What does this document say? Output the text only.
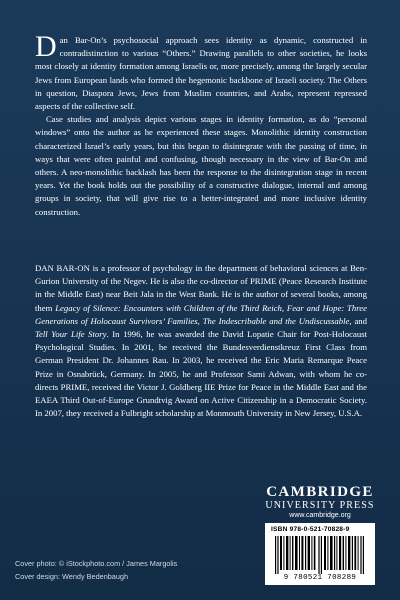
Dan Bar-On’s psychosocial approach sees identity as dynamic, constructed in contradistinction to various “Others.” Drawing parallels to other societies, he looks most closely at identity formation among Israelis or, more precisely, among the largely secular Jews from European lands who formed the hegemonic backbone of Israeli society. The Others in question, Diaspora Jews, Jews from Muslim countries, and Arabs, represent repressed aspects of the collective self.

Case studies and analysis depict various stages in identity formation, as do “personal windows” onto the author as he experienced these stages. Monolithic identity construction characterized Israel’s early years, but this began to disintegrate with the passing of time, in ways that were often painful and confusing, though necessary in the view of Bar-On and others. A neo-monolithic backlash has been the response to the disintegration stage in recent years. Yet the book holds out the possibility of a constructive dialogue, internal and among groups in society, that will give rise to a better-integrated and more inclusive identity construction.

DAN BAR-ON is a professor of psychology in the department of behavioral sciences at Ben-Gurion University of the Negev. He is also the co-director of PRIME (Peace Research Institute in the Middle East) near Beit Jala in the West Bank. He is the author of several books, among them Legacy of Silence: Encounters with Children of the Third Reich, Fear and Hope: Three Generations of Holocaust Survivors’ Families, The Indescribable and the Undiscussable, and Tell Your Life Story. In 1996, he was awarded the David Lopatie Chair for Post-Holocaust Psychological Studies. In 2001, he received the Bundesverdienstkreuz First Class from German President Dr. Johannes Rau. In 2003, he received the Eric Maria Remarque Peace Prize in Osnabrück, Germany. In 2005, he and Professor Sami Adwan, with whom he co-directs PRIME, received the Victor J. Goldberg IIE Prize for Peace in the Middle East and the EAEA Third Out-of-Europe Grundtvig Award on Active Citizenship in a Democratic Society. In 2007, they received a Fulbright scholarship at Monmouth University in New Jersey, U.S.A.

CAMBRIDGE
UNIVERSITY PRESS
www.cambridge.org
ISBN 978-0-521-70828-9
9 780521 708289
Cover photo: © iStockphoto.com / James Margolis
Cover design: Wendy Bedenbaugh
